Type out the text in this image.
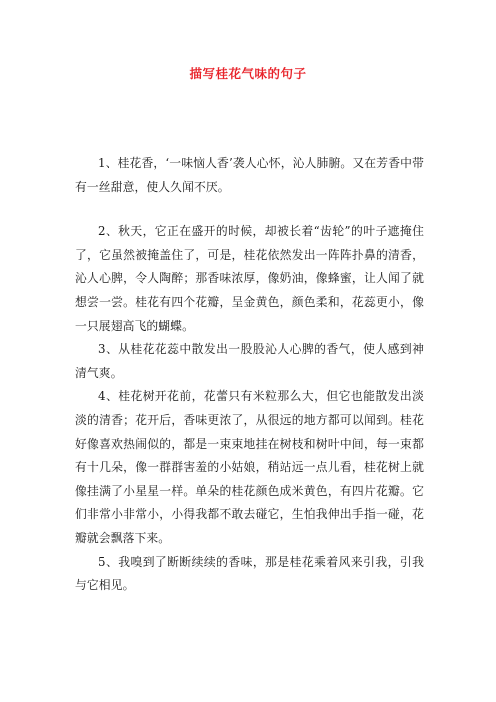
描写桂花气味的句子

1、桂花香，‘一味恼人香’袭人心怀，沁人肺腑。又在芳香中带有一丝甜意，使人久闻不厌。

2、秋天，它正在盛开的时候，却被长着“齿轮”的叶子遮掩住了，它虽然被掩盖住了，可是，桂花依然发出一阵阵扑鼻的清香，沁人心脾，令人陶醉；那香味浓厚，像奶油，像蜂蜜，让人闻了就想尝一尝。桂花有四个花瓣，呈金黄色，颜色柔和，花蕊更小，像一只展翅高飞的蝴蝶。

3、从桂花花蕊中散发出一股股沁人心脾的香气，使人感到神清气爽。

4、桂花树开花前，花蕾只有米粒那么大，但它也能散发出淡淡的清香；花开后，香味更浓了，从很远的地方都可以闻到。桂花好像喜欢热闹似的，都是一束束地挂在树枝和树叶中间，每一束都有十几朵，像一群群害羞的小姑娘，稍站远一点儿看，桂花树上就像挂满了小星星一样。单朵的桂花颜色成米黄色，有四片花瓣。它们非常小非常小，小得我都不敢去碰它，生怕我伸出手指一碰，花瓣就会飘落下来。

5、我嗅到了断断续续的香味，那是桂花乘着风来引我，引我与它相见。
